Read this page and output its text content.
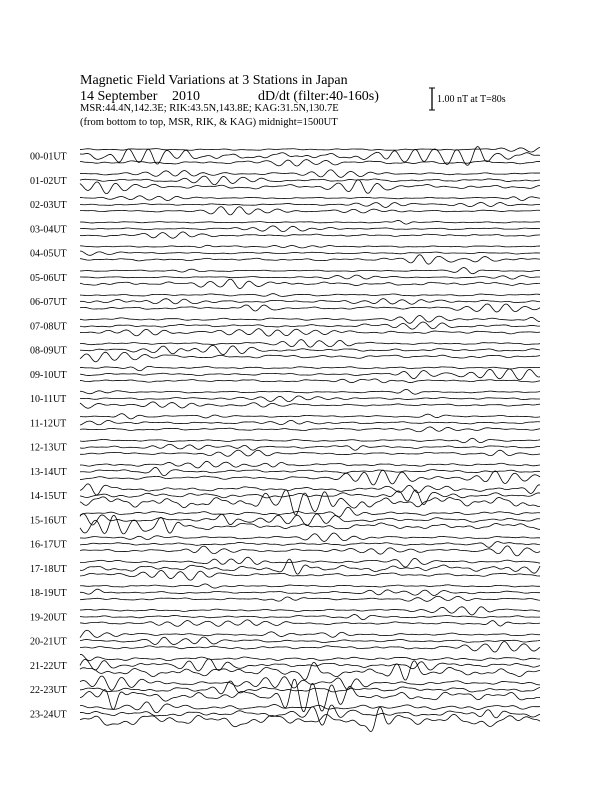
Magnetic Field Variations at 3 Stations in Japan
14 September 2010	dD/dt (filter:40-160s)
MSR:44.4N,142.3E; RIK:43.5N,143.8E; KAG:31.5N,130.7E
(from bottom to top, MSR, RIK, & KAG) midnight=1500UT
1.00 nT at T=80s
00-01UT
01-02UT
02-03UT
03-04UT
04-05UT
05-06UT
06-07UT
07-08UT
08-09UT
09-10UT
10-11UT
11-12UT
12-13UT
13-14UT
14-15UT
15-16UT
16-17UT
17-18UT
18-19UT
19-20UT
20-21UT
21-22UT
22-23UT
23-24UT
